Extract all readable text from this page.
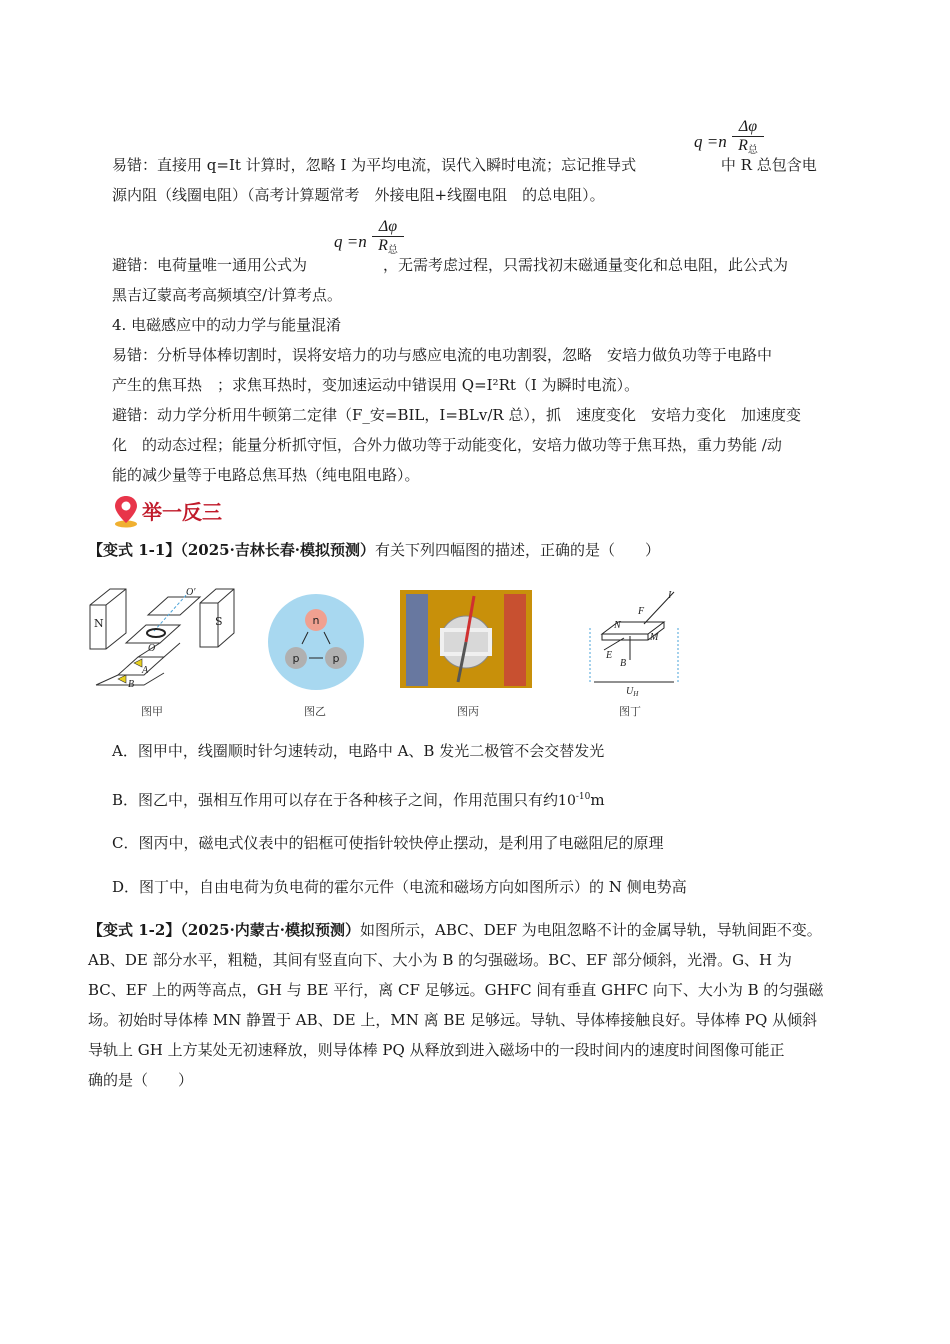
q =n
Δφ
$R_总$
易错：直接用 q=It 计算时，忽略 I 为平均电流，误代入瞬时电流；忘记推导式	中 R 总包含电
源内阻（线圈电阻）（高考计算题常考　外接电阻+线圈电阻　的总电阻）。
q =n
Δφ
$R_总$
避错：电荷量唯一通用公式为	，无需考虑过程，只需找初末磁通量变化和总电阻，此公式为
黑吉辽蒙高考高频填空/计算考点。
4. 电磁感应中的动力学与能量混淆
易错：分析导体棒切割时，误将安培力的功与感应电流的电功割裂，忽略　安培力做负功等于电路中
产生的焦耳热　；求焦耳热时，变加速运动中错误用 Q=I²Rt（I 为瞬时电流）。
避错：动力学分析用牛顿第二定律（F_安=BIL，I=BLv/R 总），抓　速度变化　安培力变化　加速度变
化　的动态过程；能量分析抓守恒，合外力做功等于动能变化，安培力做功等于焦耳热，重力势能 /动
能的减少量等于电路总焦耳热（纯电阻电路）。
举一反三
【变式 1-1】（2025·吉林长春·模拟预测）有关下列四幅图的描述，正确的是（　　）
N	S
O′
O
A
B
图甲
n
p	p
图乙	图丙
I
F
N
M
E
B
$U_H$
图丁
A．图甲中，线圈顺时针匀速转动，电路中 A、B 发光二极管不会交替发光
B．图乙中，强相互作用可以存在于各种核子之间，作用范围只有约$10^{-10}m$
C．图丙中，磁电式仪表中的铝框可使指针较快停止摆动，是利用了电磁阻尼的原理
D．图丁中，自由电荷为负电荷的霍尔元件（电流和磁场方向如图所示）的 N 侧电势高
【变式 1-2】（2025·内蒙古·模拟预测）如图所示，ABC、DEF 为电阻忽略不计的金属导轨，导轨间距不变。
AB、DE 部分水平，粗糙，其间有竖直向下、大小为 B 的匀强磁场。BC、EF 部分倾斜，光滑。G、H 为
BC、EF 上的两等高点，GH 与 BE 平行，离 CF 足够远。GHFC 间有垂直 GHFC 向下、大小为 B 的匀强磁
场。初始时导体棒 MN 静置于 AB、DE 上，MN 离 BE 足够远。导轨、导体棒接触良好。导体棒 PQ 从倾斜
导轨上 GH 上方某处无初速释放，则导体棒 PQ 从释放到进入磁场中的一段时间内的速度时间图像可能正
确的是（　　）
